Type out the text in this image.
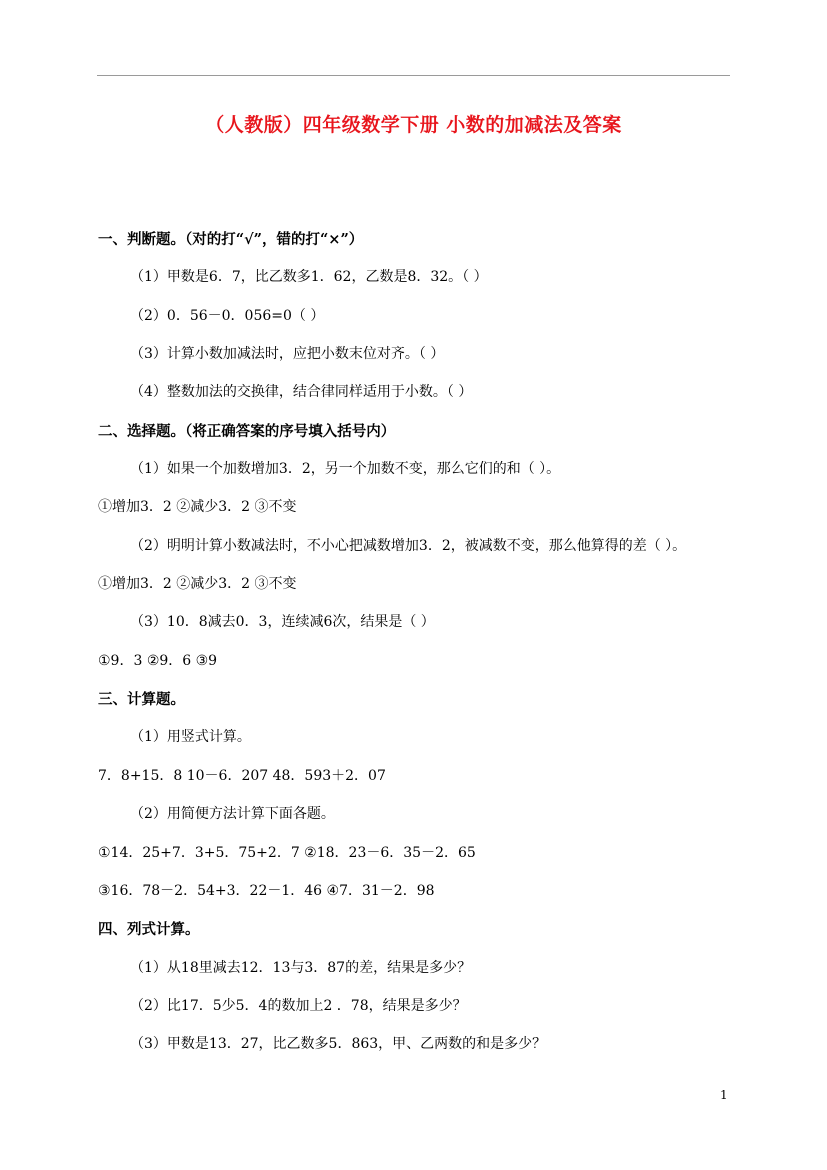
（人教版）四年级数学下册 小数的加减法及答案
一、判断题。（对的打“√”，错的打“×”）
（1）甲数是6．7，比乙数多1．62，乙数是8．32。（ ）
（2）0．56－0．056=0（ ）
（3）计算小数加减法时，应把小数末位对齐。（ ）
（4）整数加法的交换律，结合律同样适用于小数。（ ）
二、选择题。（将正确答案的序号填入括号内）
（1）如果一个加数增加3．2，另一个加数不变，那么它们的和（ ）。
①增加3．2 ②减少3．2 ③不变
（2）明明计算小数减法时，不小心把减数增加3．2，被减数不变，那么他算得的差（ ）。
①增加3．2 ②减少3．2 ③不变
（3）10．8减去0．3，连续减6次，结果是（ ）
①9．3 ②9．6 ③9
三、计算题。
（1）用竖式计算。
7．8+15．8 10－6．207 48．593＋2．07
（2）用简便方法计算下面各题。
①14．25+7．3+5．75+2．7 ②18．23－6．35－2．65
③16．78－2．54+3．22－1．46 ④7．31－2．98
四、列式计算。
（1）从18里减去12．13与3．87的差，结果是多少？
（2）比17．5少5．4的数加上2 ．78，结果是多少？
（3）甲数是13．27，比乙数多5．863，甲、乙两数的和是多少？
1
